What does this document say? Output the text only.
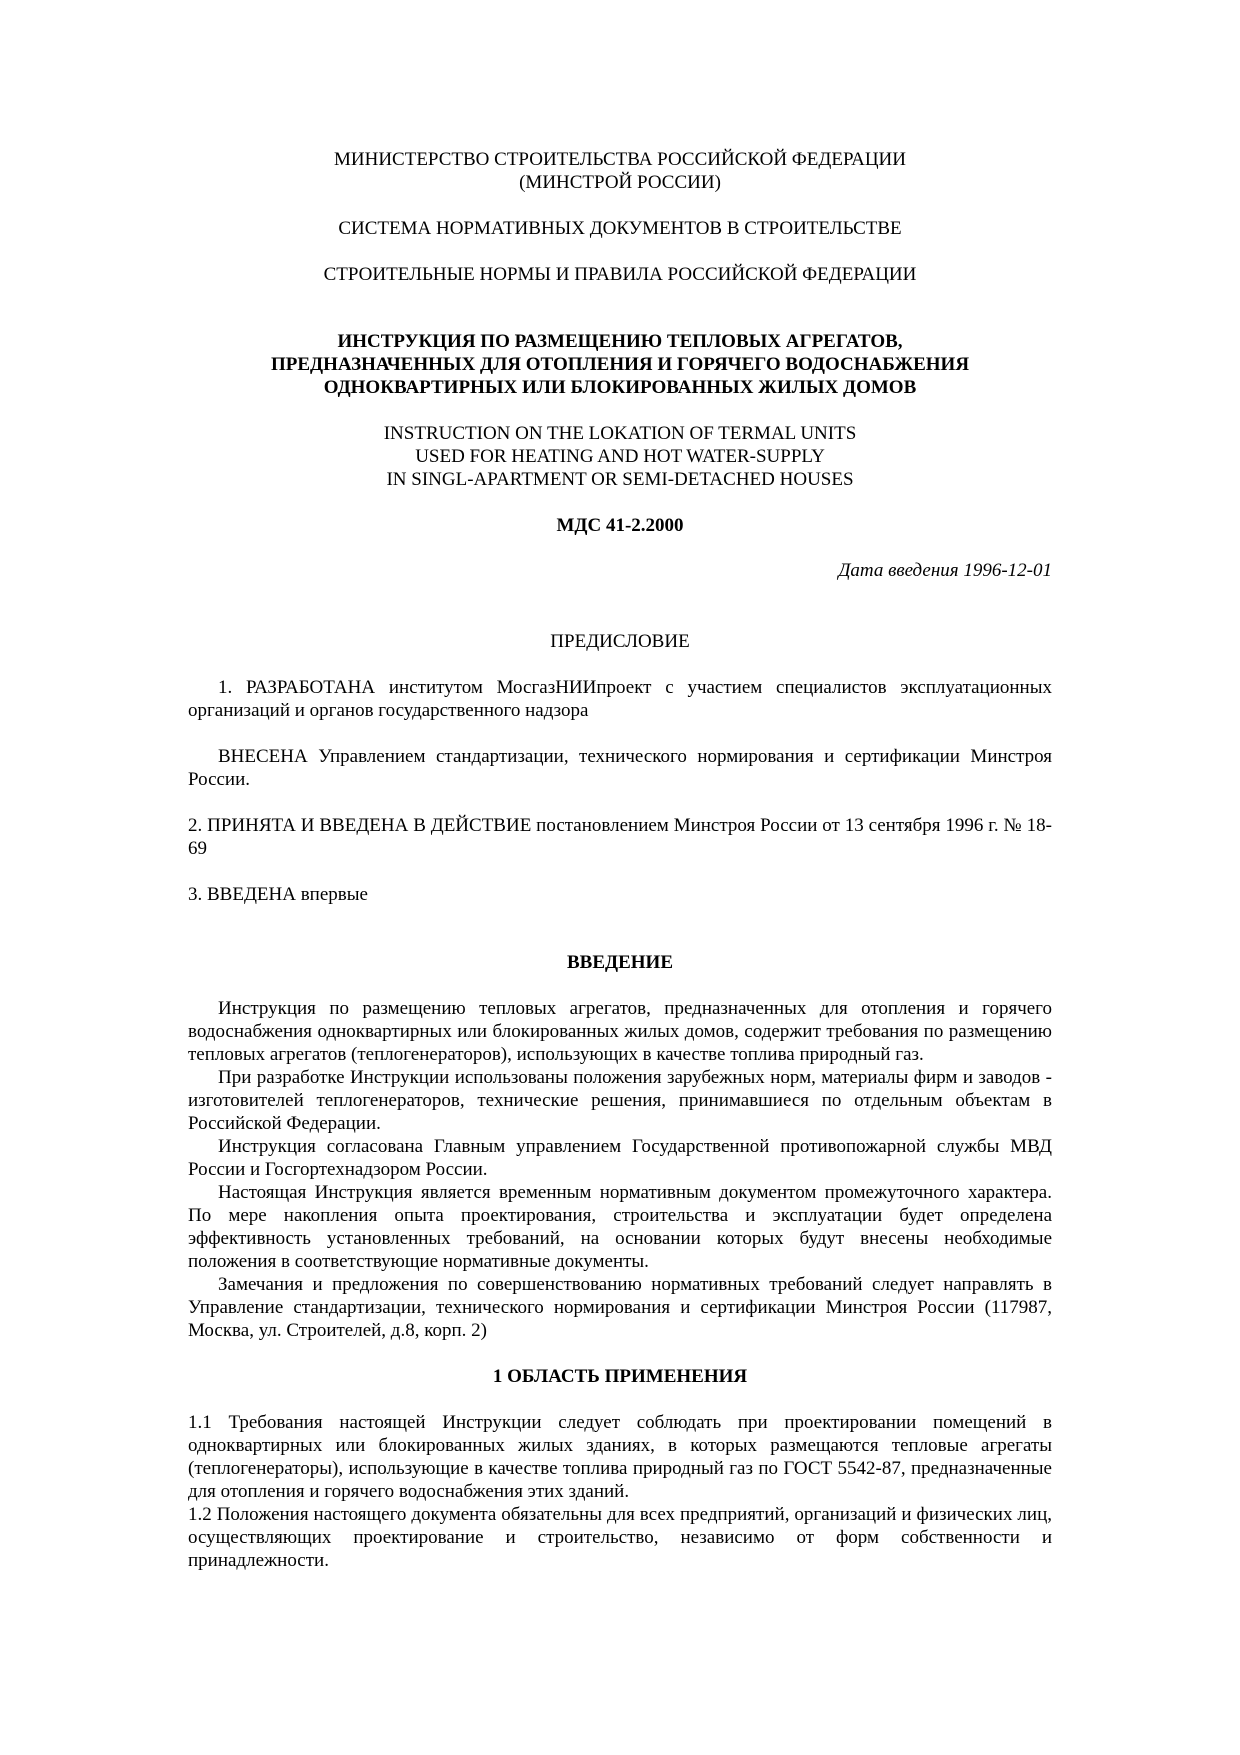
МИНИСТЕРСТВО СТРОИТЕЛЬСТВА РОССИЙСКОЙ ФЕДЕРАЦИИ
(МИНСТРОЙ РОССИИ)

СИСТЕМА НОРМАТИВНЫХ ДОКУМЕНТОВ В СТРОИТЕЛЬСТВЕ

СТРОИТЕЛЬНЫЕ НОРМЫ И ПРАВИЛА РОССИЙСКОЙ ФЕДЕРАЦИИ

ИНСТРУКЦИЯ ПО РАЗМЕЩЕНИЮ ТЕПЛОВЫХ АГРЕГАТОВ,
ПРЕДНАЗНАЧЕННЫХ ДЛЯ ОТОПЛЕНИЯ И ГОРЯЧЕГО ВОДОСНАБЖЕНИЯ
ОДНОКВАРТИРНЫХ ИЛИ БЛОКИРОВАННЫХ ЖИЛЫХ ДОМОВ
INSTRUCTION ON THE LOKATION OF TERMAL UNITS
USED FOR HEATING AND HOT WATER-SUPPLY
IN SINGL-APARTMENT OR SEMI-DETACHED HOUSES

МДС 41-2.2000

Дата введения 1996-12-01

ПРЕДИСЛОВИЕ

1. РАЗРАБОТАНА институтом МосгазНИИпроект с участием специалистов эксплуатационных организаций и органов государственного надзора

ВНЕСЕНА Управлением стандартизации, технического нормирования и сертификации Минстроя России.

2. ПРИНЯТА И ВВЕДЕНА В ДЕЙСТВИЕ постановлением Минстроя России от 13 сентября 1996 г. № 18-69

3. ВВЕДЕНА впервые

ВВЕДЕНИЕ

Инструкция по размещению тепловых агрегатов, предназначенных для отопления и горячего водоснабжения одноквартирных или блокированных жилых домов, содержит требования по размещению тепловых агрегатов (теплогенераторов), использующих в качестве топлива природный газ.

При разработке Инструкции использованы положения зарубежных норм, материалы фирм и заводов - изготовителей теплогенераторов, технические решения, принимавшиеся по отдельным объектам в Российской Федерации.

Инструкция согласована Главным управлением Государственной противопожарной службы МВД России и Госгортехнадзором России.

Настоящая Инструкция является временным нормативным документом промежуточного характера. По мере накопления опыта проектирования, строительства и эксплуатации будет определена эффективность установленных требований, на основании которых будут внесены необходимые положения в соответствующие нормативные документы.

Замечания и предложения по совершенствованию нормативных требований следует направлять в Управление стандартизации, технического нормирования и сертификации Минстроя России (117987, Москва, ул. Строителей, д.8, корп. 2)

1 ОБЛАСТЬ ПРИМЕНЕНИЯ

1.1 Требования настоящей Инструкции следует соблюдать при проектировании помещений в одноквартирных или блокированных жилых зданиях, в которых размещаются тепловые агрегаты (теплогенераторы), использующие в качестве топлива природный газ по ГОСТ 5542-87, предназначенные для отопления и горячего водоснабжения этих зданий.

1.2 Положения настоящего документа обязательны для всех предприятий, организаций и физических лиц, осуществляющих проектирование и строительство, независимо от форм собственности и принадлежности.
